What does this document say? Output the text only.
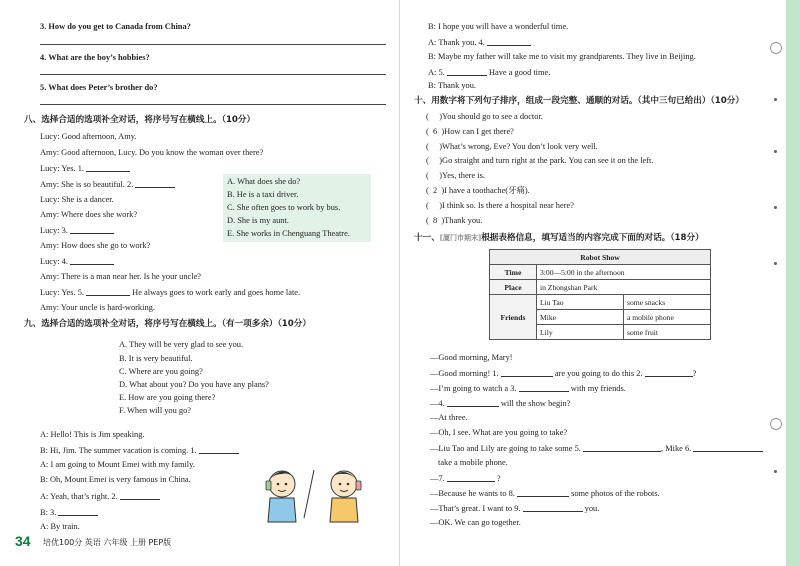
3. How do you get to Canada from China?
4. What are the boy’s hobbies?
5. What does Peter’s brother do?
八、选择合适的选项补全对话，将序号写在横线上。（10分）
Lucy: Good afternoon, Amy.
Amy: Good afternoon, Lucy. Do you know the woman over there?
Lucy: Yes. 1.
Amy: She is so beautiful. 2.
Lucy: She is a dancer.
Amy: Where does she work?
Lucy: 3.
Amy: How does she go to work?
Lucy: 4.
Amy: There is a man near her. Is he your uncle?
Lucy: Yes. 5.	He always goes to work early and goes home late.
Amy: Your uncle is hard-working.
A. What does she do?
B. He is a taxi driver.
C. She often goes to work by bus.
D. She is my aunt.
E. She works in Chenguang Theatre.
九、选择合适的选项补全对话，将序号写在横线上。（有一项多余）（10分）
A. They will be very glad to see you.
B. It is very beautiful.
C. Where are you going?
D. What about you? Do you have any plans?
E. How are you going there?
F. When will you go?
A: Hello! This is Jim speaking.
B: Hi, Jim. The summer vacation is coming. 1.
A: I am going to Mount Emei with my family.
B: Oh, Mount Emei is very famous in China.
A: Yeah, that’s right. 2.
B: 3.
A: By train.
34 培优100分 英语 六年级 上册 PEP版
B: I hope you will have a wonderful time.
A: Thank you. 4.
B: Maybe my father will take me to visit my grandparents. They live in Beijing.
A: 5.	Have a good time.
B: Thank you.
十、用数字将下列句子排序，组成一段完整、通顺的对话。（其中三句已给出）（10分）
(     )You should go to see a doctor.
(  6 )How can I get there?
(     )What’s wrong, Eve? You don’t look very well.
(     )Go straight and turn right at the park. You can see it on the left.
(     )Yes, there is.
(  2 )I have a toothache(牙痛).
(     )I think so. Is there a hospital near here?
(  8 )Thank you.
十一、[厦门市期末]根据表格信息，填写适当的内容完成下面的对话。（18分）
—Good morning, Mary!
—Good morning! 1.	are you going to do this 2.	?
—I’m going to watch a 3.	with my friends.
—4.	will the show begin?
—At three.
—Oh, I see. What are you going to take?
—Liu Tao and Lily are going to take some 5.	, Mike 6.
take a mobile phone.
—7.	?
—Because he wants to 8.	some photos of the robots.
—That’s great. I want to 9.	you.
—OK. We can go together.
Robot Show		
Time	3:00—5:00 in the afternoon	
Place	in Zhongshan Park	
Friends	Liu Tao	some snacks
	Mike	a mobile phone
	Lily	some fruit
